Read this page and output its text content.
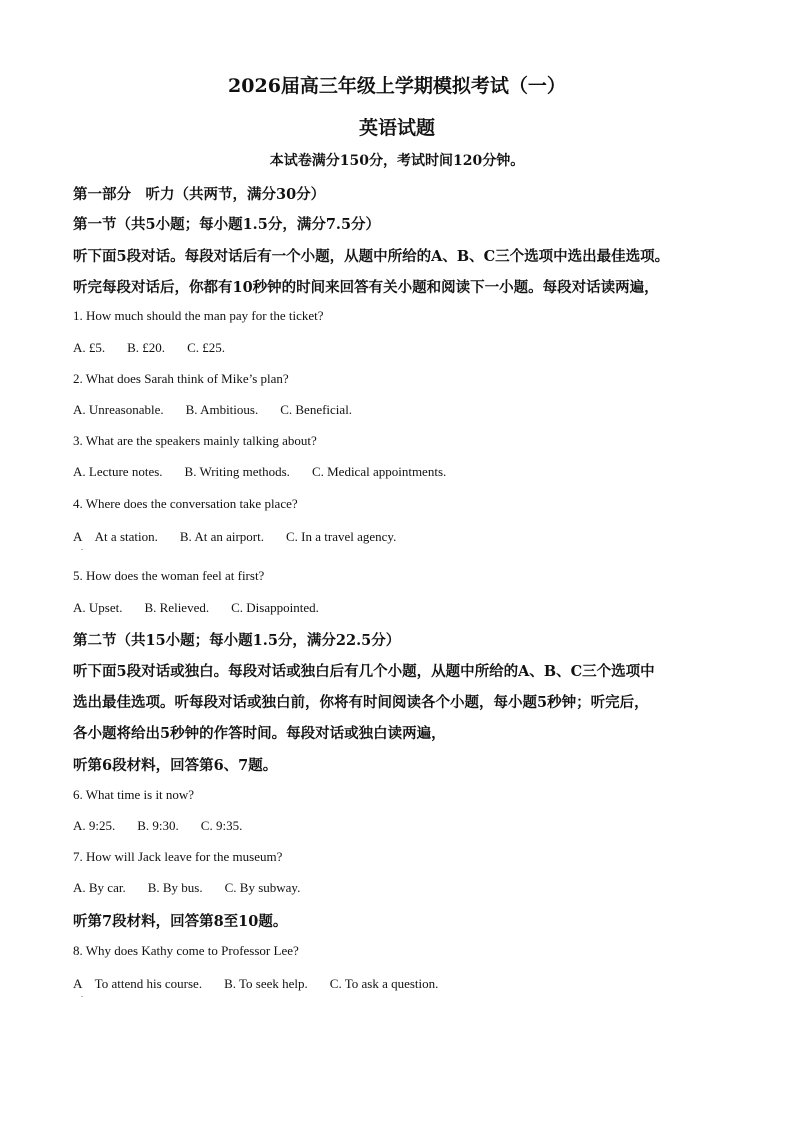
2026届高三年级上学期模拟考试（一）
英语试题
本试卷满分150分，考试时间120分钟。
第一部分　听力（共两节，满分30分）
第一节（共5小题；每小题1.5分，满分7.5分）
听下面5段对话。每段对话后有一个小题，从题中所给的A、B、C三个选项中选出最佳选项。
听完每段对话后，你都有10秒钟的时间来回答有关小题和阅读下一小题。每段对话读两遍，
1. How much should the man pay for the ticket?
A. £5. B. £20. C. £25.
2. What does Sarah think of Mike’s plan?
A. Unreasonable. B. Ambitious. C. Beneficial.
3. What are the speakers mainly talking about?
A. Lecture notes. B. Writing methods. C. Medical appointments.
4. Where does the conversation take place?
A　At a station. B. At an airport. C. In a travel agency.
.
5. How does the woman feel at first?
A. Upset. B. Relieved. C. Disappointed.
第二节（共15小题；每小题1.5分，满分22.5分）
听下面5段对话或独白。每段对话或独白后有几个小题，从题中所给的A、B、C三个选项中
选出最佳选项。听每段对话或独白前，你将有时间阅读各个小题，每小题5秒钟；听完后，
各小题将给出5秒钟的作答时间。每段对话或独白读两遍，
听第6段材料，回答第6、7题。
6. What time is it now?
A. 9:25. B. 9:30. C. 9:35.
7. How will Jack leave for the museum?
A. By car. B. By bus. C. By subway.
听第7段材料，回答第8至10题。
8. Why does Kathy come to Professor Lee?
A　To attend his course. B. To seek help. C. To ask a question.
.
